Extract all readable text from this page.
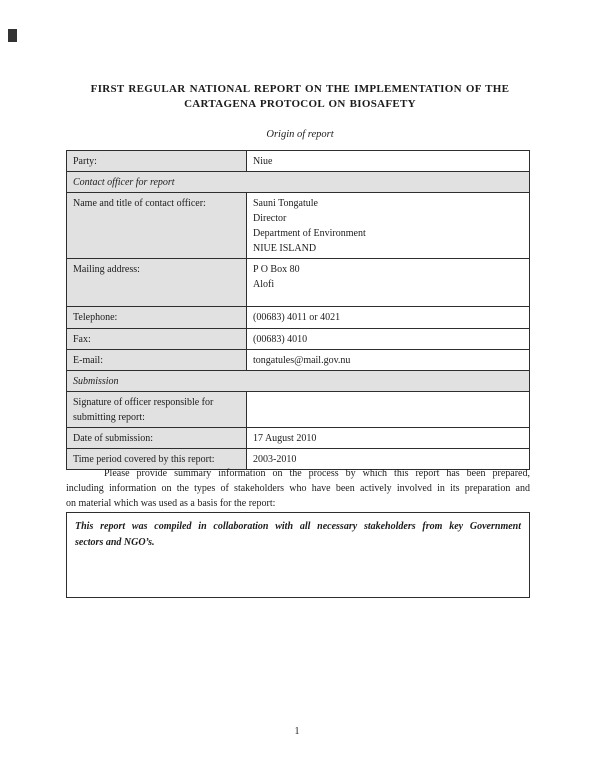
FIRST REGULAR NATIONAL REPORT ON THE IMPLEMENTATION OF THE
CARTAGENA PROTOCOL ON BIOSAFETY
Origin of report
Party:	Niue
Contact officer for report	
Name and title of contact officer:	Sauni Tongatule
Director
Department of Environment
NIUE ISLAND

Mailing address:	P O Box 80
Alofi

Telephone:	(00683) 4011 or 4021
Fax:	(00683) 4010
E-mail:	tongatules@mail.gov.nu
Submission	
Signature of officer responsible for submitting report:	
Date of submission:	17 August 2010
Time period covered by this report:	2003-2010
Please provide summary information on the process by which this report has been prepared,
including information on the types of stakeholders who have been actively involved in its preparation and
on material which was used as a basis for the report:
This report was compiled in collaboration with all necessary stakeholders from key Government
sectors and NGO’s.
1
